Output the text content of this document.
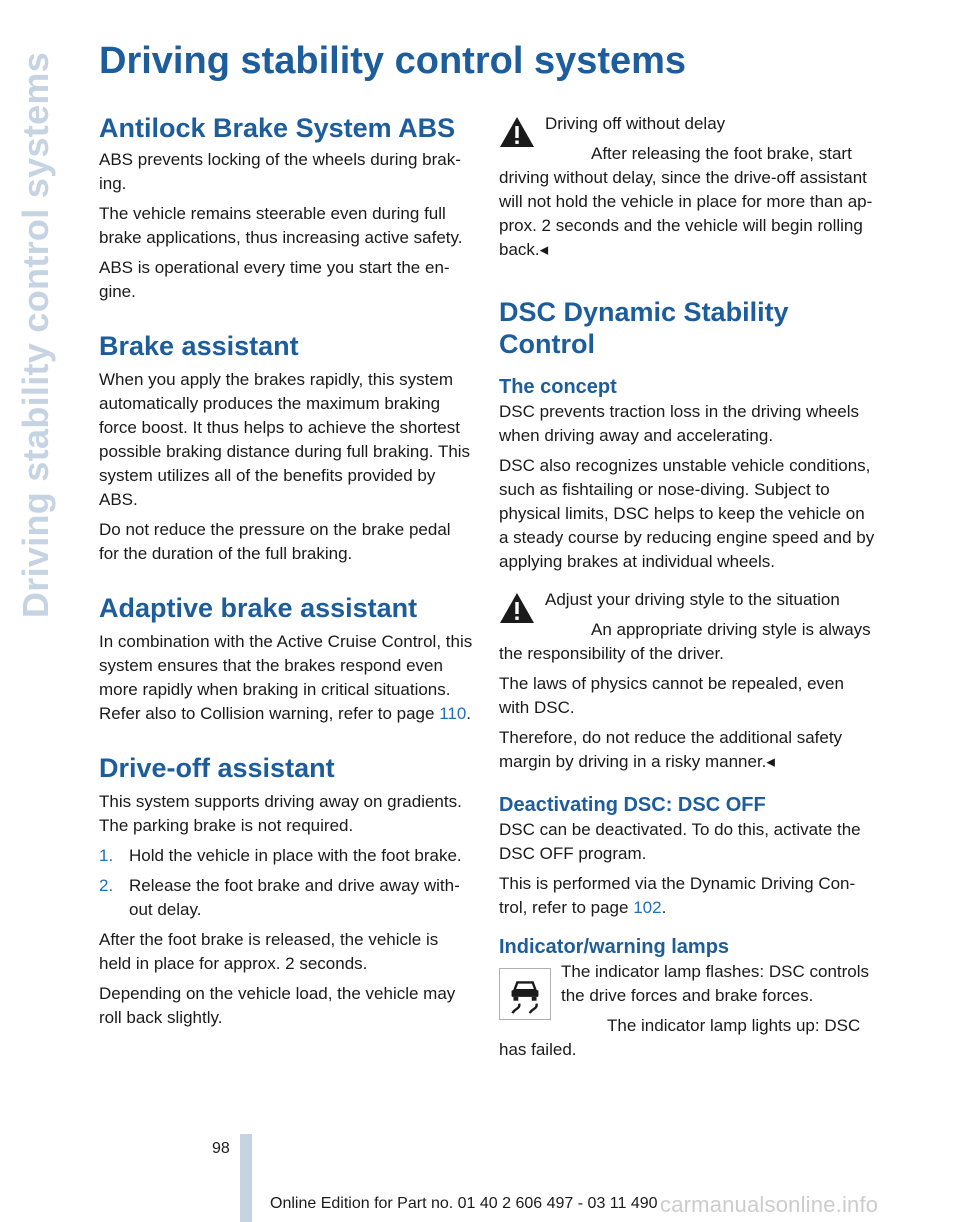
Driving stability control systems Driving stability control systems
Antilock Brake System ABS

ABS prevents locking of the wheels during braking.

The vehicle remains steerable even during full brake applications, thus increasing active safety.

ABS is operational every time you start the engine.

Brake assistant

When you apply the brakes rapidly, this system automatically produces the maximum braking force boost. It thus helps to achieve the shortest possible braking distance during full braking. This system utilizes all of the benefits provided by ABS.

Do not reduce the pressure on the brake pedal for the duration of the full braking.

Adaptive brake assistant

In combination with the Active Cruise Control, this system ensures that the brakes respond even more rapidly when braking in critical situations. Refer also to Collision warning, refer to page 110.

Drive-off assistant

This system supports driving away on gradients. The parking brake is not required.

1. Hold the vehicle in place with the foot brake.
2. Release the foot brake and drive away without delay.

After the foot brake is released, the vehicle is held in place for approx. 2 seconds.

Depending on the vehicle load, the vehicle may roll back slightly.

Driving off without delay

After releasing the foot brake, start driving without delay, since the drive-off assistant will not hold the vehicle in place for more than approx. 2 seconds and the vehicle will begin rolling back.◂

DSC Dynamic Stability Control
The concept

DSC prevents traction loss in the driving wheels when driving away and accelerating.

DSC also recognizes unstable vehicle conditions, such as fishtailing or nose-diving. Subject to physical limits, DSC helps to keep the vehicle on a steady course by reducing engine speed and by applying brakes at individual wheels.

Adjust your driving style to the situation

An appropriate driving style is always the responsibility of the driver.

The laws of physics cannot be repealed, even with DSC.

Therefore, do not reduce the additional safety margin by driving in a risky manner.◂

Deactivating DSC: DSC OFF

DSC can be deactivated. To do this, activate the DSC OFF program.

This is performed via the Dynamic Driving Control, refer to page 102.

Indicator/warning lamps
The indicator lamp flashes: DSC controls the drive forces and brake forces.

The indicator lamp lights up: DSC has failed.

98
Online Edition for Part no. 01 40 2 606 497 - 03 11 490 carmanualsonline.info
